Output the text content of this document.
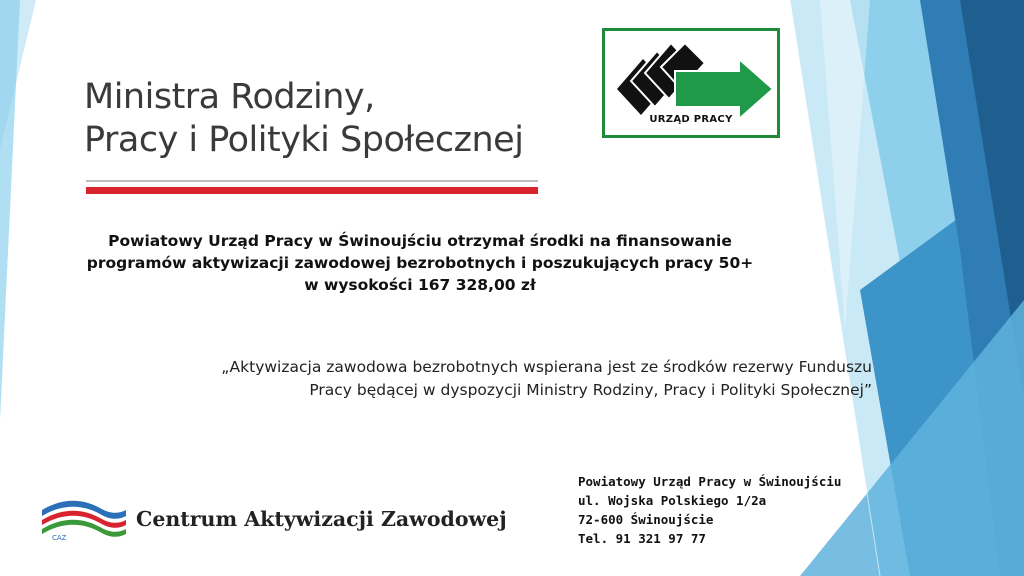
Ministra Rodziny,
Pracy i Polityki Społecznej
URZĄD PRACY
Powiatowy Urząd Pracy w Świnoujściu otrzymał środki na finansowanie
programów aktywizacji zawodowej bezrobotnych i poszukujących pracy 50+
w wysokości 167 328,00 zł
„Aktywizacja zawodowa bezrobotnych wspierana jest ze środków rezerwy Funduszu
Pracy będącej w dyspozycji Ministry Rodziny, Pracy i Polityki Społecznej”
CAZ
Centrum Aktywizacji Zawodowej
Powiatowy Urząd Pracy w Świnoujściu
ul. Wojska Polskiego 1/2a
72-600 Świnoujście
Tel. 91 321 97 77
